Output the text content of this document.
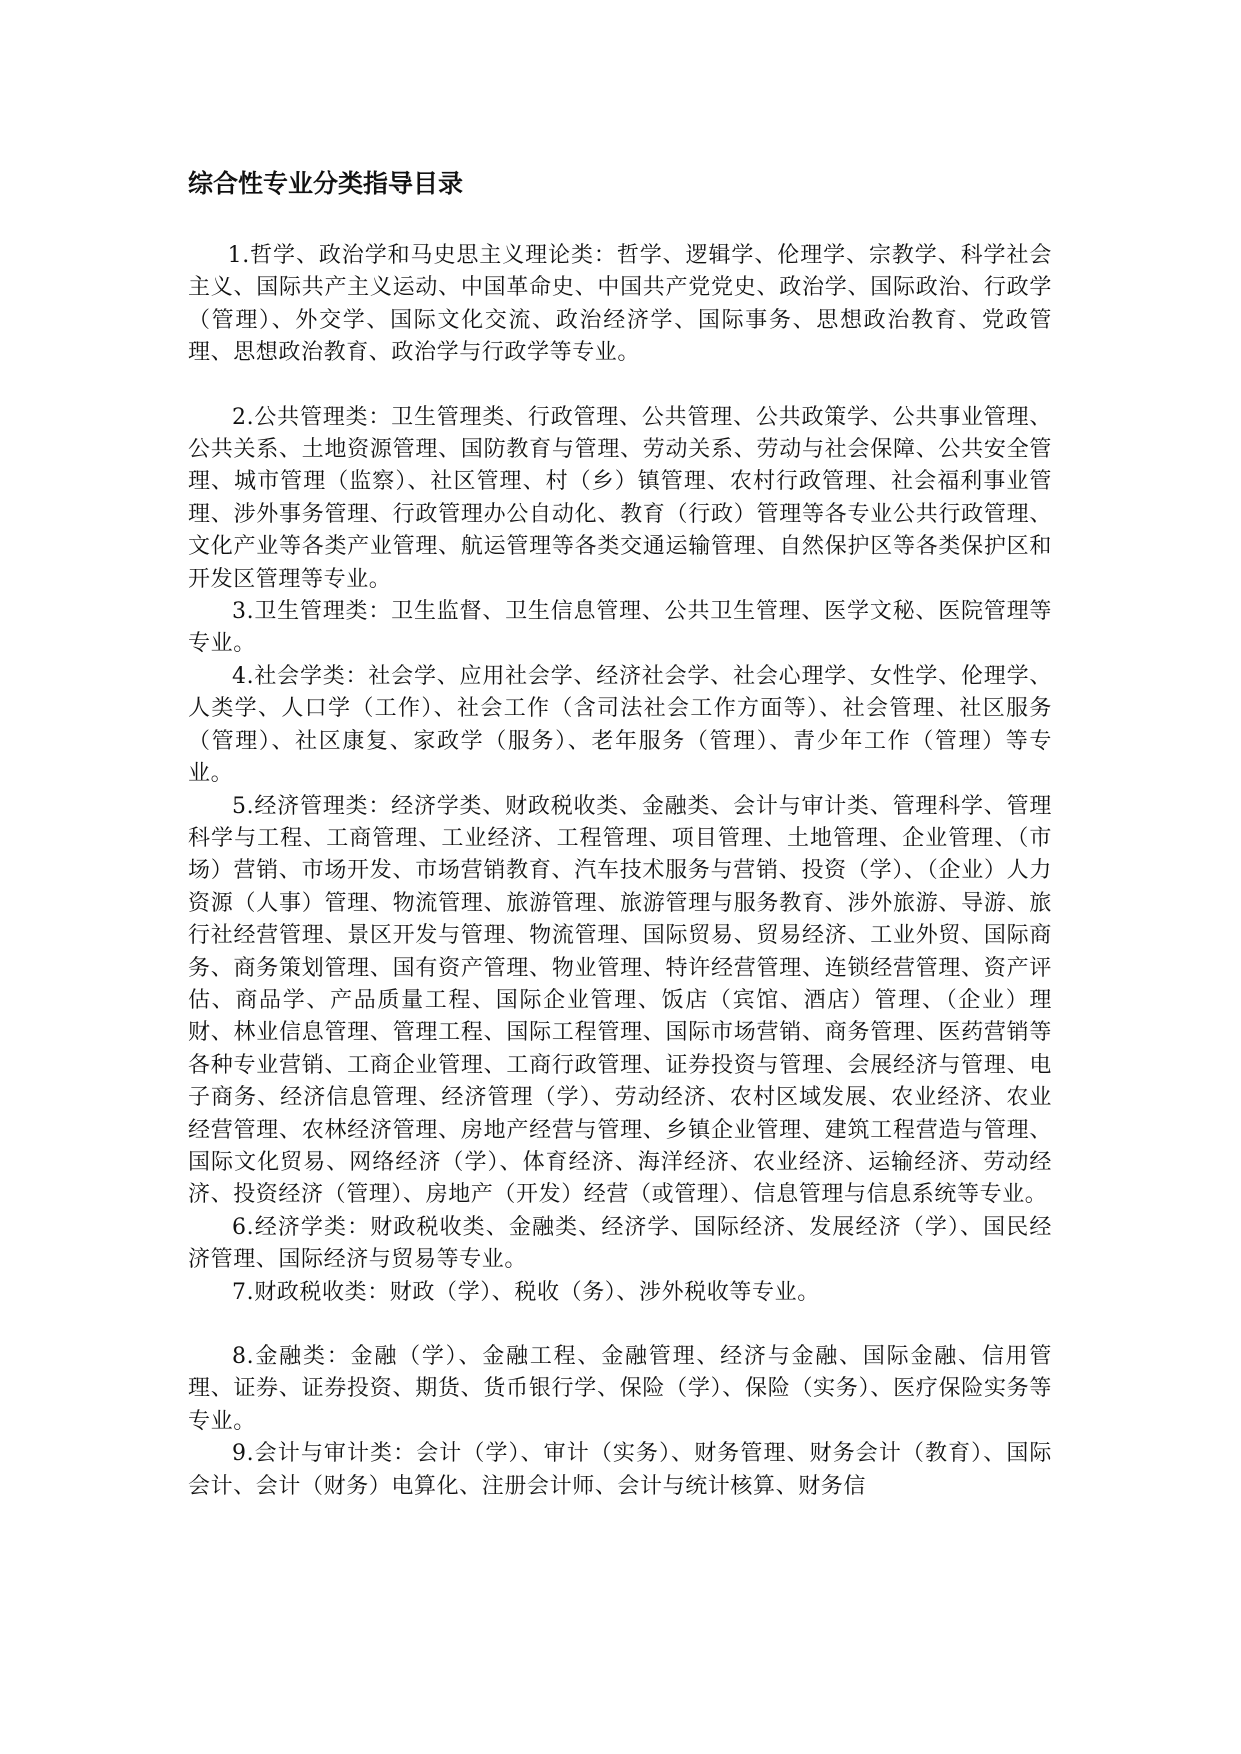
综合性专业分类指导目录

1.哲学、政治学和马史思主义理论类：哲学、逻辑学、伦理学、宗教学、科学社会主义、国际共产主义运动、中国革命史、中国共产党党史、政治学、国际政治、行政学（管理）、外交学、国际文化交流、政治经济学、国际事务、思想政治教育、党政管理、思想政治教育、政治学与行政学等专业。

2.公共管理类：卫生管理类、行政管理、公共管理、公共政策学、公共事业管理、公共关系、土地资源管理、国防教育与管理、劳动关系、劳动与社会保障、公共安全管理、城市管理（监察）、社区管理、村（乡）镇管理、农村行政管理、社会福利事业管理、涉外事务管理、行政管理办公自动化、教育（行政）管理等各专业公共行政管理、文化产业等各类产业管理、航运管理等各类交通运输管理、自然保护区等各类保护区和开发区管理等专业。

3.卫生管理类：卫生监督、卫生信息管理、公共卫生管理、医学文秘、医院管理等专业。

4.社会学类：社会学、应用社会学、经济社会学、社会心理学、女性学、伦理学、人类学、人口学（工作）、社会工作（含司法社会工作方面等）、社会管理、社区服务（管理）、社区康复、家政学（服务）、老年服务（管理）、青少年工作（管理）等专业。

5.经济管理类：经济学类、财政税收类、金融类、会计与审计类、管理科学、管理科学与工程、工商管理、工业经济、工程管理、项目管理、土地管理、企业管理、（市场）营销、市场开发、市场营销教育、汽车技术服务与营销、投资（学）、（企业）人力资源（人事）管理、物流管理、旅游管理、旅游管理与服务教育、涉外旅游、导游、旅行社经营管理、景区开发与管理、物流管理、国际贸易、贸易经济、工业外贸、国际商务、商务策划管理、国有资产管理、物业管理、特许经营管理、连锁经营管理、资产评估、商品学、产品质量工程、国际企业管理、饭店（宾馆、酒店）管理、（企业）理财、林业信息管理、管理工程、国际工程管理、国际市场营销、商务管理、医药营销等各种专业营销、工商企业管理、工商行政管理、证券投资与管理、会展经济与管理、电子商务、经济信息管理、经济管理（学）、劳动经济、农村区域发展、农业经济、农业经营管理、农林经济管理、房地产经营与管理、乡镇企业管理、建筑工程营造与管理、国际文化贸易、网络经济（学）、体育经济、海洋经济、农业经济、运输经济、劳动经济、投资经济（管理）、房地产（开发）经营（或管理）、信息管理与信息系统等专业。

6.经济学类：财政税收类、金融类、经济学、国际经济、发展经济（学）、国民经济管理、国际经济与贸易等专业。

7.财政税收类：财政（学）、税收（务）、涉外税收等专业。

8.金融类：金融（学）、金融工程、金融管理、经济与金融、国际金融、信用管理、证券、证券投资、期货、货币银行学、保险（学）、保险（实务）、医疗保险实务等专业。

9.会计与审计类：会计（学）、审计（实务）、财务管理、财务会计（教育）、国际会计、会计（财务）电算化、注册会计师、会计与统计核算、财务信
